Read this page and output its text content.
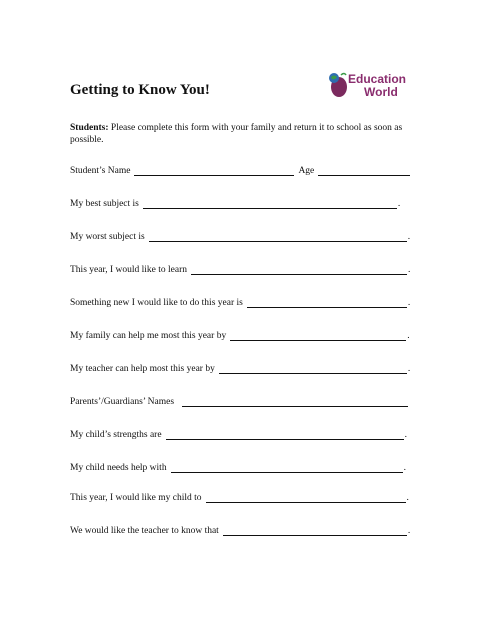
Getting to Know You!
Education
World
Students: Please complete this form with your family and return it to school as soon as possible.
Student’s Name	Age
My best subject is	.
My worst subject is	.
This year, I would like to learn	.
Something new I would like to do this year is	.
My family can help me most this year by	.
My teacher can help most this year by	.
Parents’/Guardians’ Names
My child’s strengths are	.
My child needs help with	.
This year, I would like my child to	.
We would like the teacher to know that	.
